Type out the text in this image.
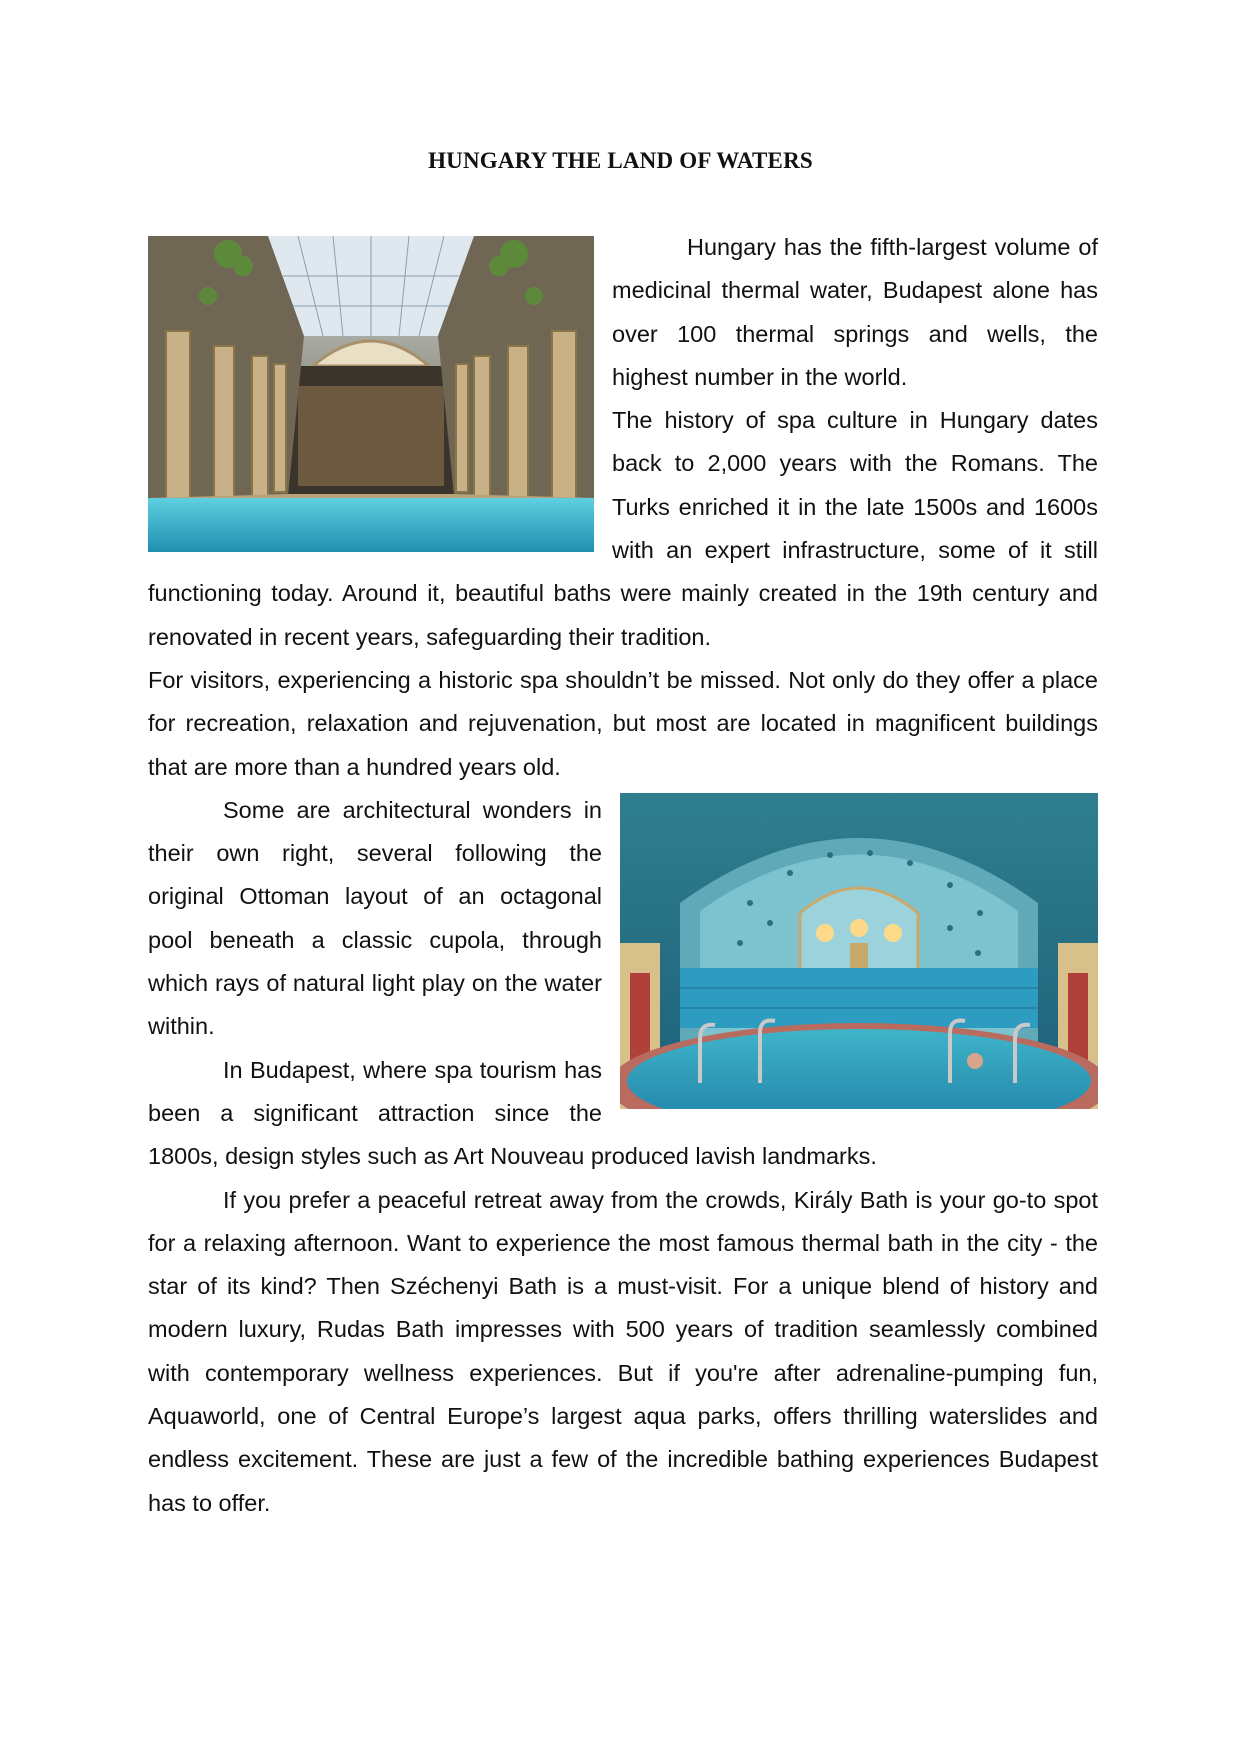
HUNGARY THE LAND OF WATERS

Hungary has the fifth-largest volume of medicinal thermal water, Budapest alone has over 100 thermal springs and wells, the highest number in the world.

The history of spa culture in Hungary dates back to 2,000 years with the Romans. The Turks enriched it in the late 1500s and 1600s with an expert infrastructure, some of it still functioning today. Around it, beautiful baths were mainly created in the 19th century and renovated in recent years, safeguarding their tradition.

For visitors, experiencing a historic spa shouldn’t be missed. Not only do they offer a place for recreation, relaxation and rejuvenation, but most are located in magnificent buildings that are more than a hundred years old.

Some are architectural wonders in their own right, several following the original Ottoman layout of an octagonal pool beneath a classic cupola, through which rays of natural light play on the water within.

In Budapest, where spa tourism has been a significant attraction since the 1800s, design styles such as Art Nouveau produced lavish landmarks.

If you prefer a peaceful retreat away from the crowds, Király Bath is your go-to spot for a relaxing afternoon. Want to experience the most famous thermal bath in the city - the star of its kind? Then Széchenyi Bath is a must-visit. For a unique blend of history and modern luxury, Rudas Bath impresses with 500 years of tradition seamlessly combined with contemporary wellness experiences. But if you're after adrenaline-pumping fun, Aquaworld, one of Central Europe’s largest aqua parks, offers thrilling waterslides and endless excitement. These are just a few of the incredible bathing experiences Budapest has to offer.
